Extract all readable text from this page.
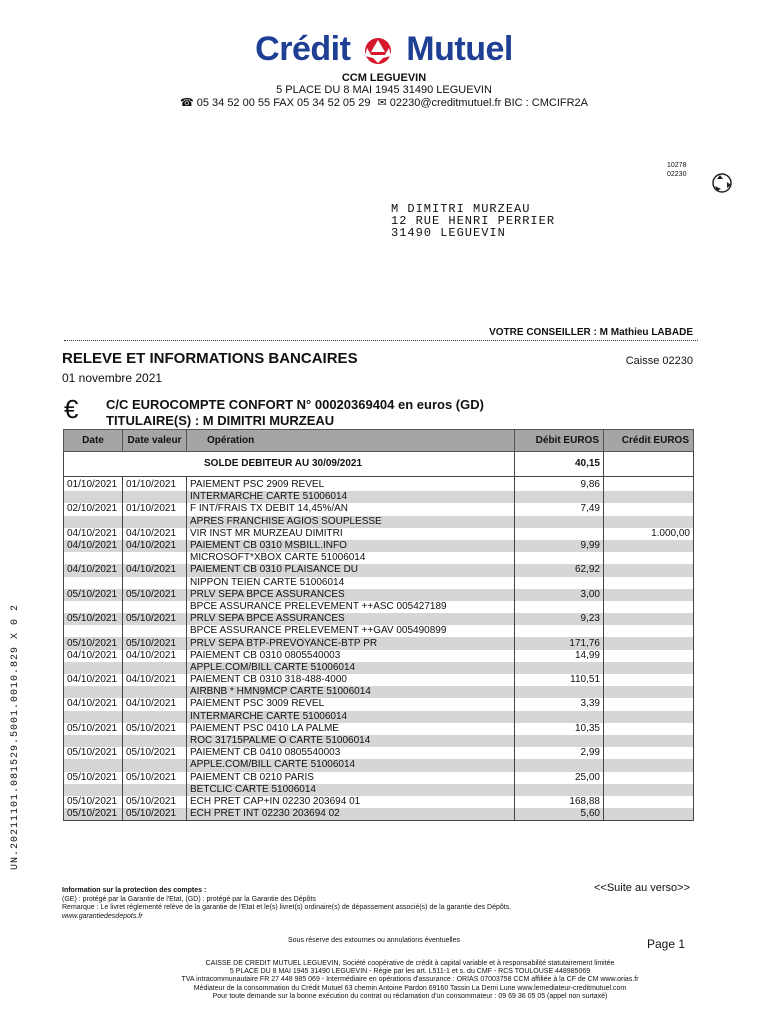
Crédit Mutuel
CCM LEGUEVIN
5 PLACE DU 8 MAI 1945 31490 LEGUEVIN
☎ 05 34 52 00 55 FAX 05 34 52 05 29 ✉ 02230@creditmutuel.fr BIC : CMCIFR2A
10278
02230
M DIMITRI MURZEAU
12 RUE HENRI PERRIER
31490 LEGUEVIN
VOTRE CONSEILLER : M Mathieu LABADE
RELEVE ET INFORMATIONS BANCAIRES	Caisse 02230
01 novembre 2021
€ C/C EUROCOMPTE CONFORT N° 00020369404 en euros (GD)
TITULAIRE(S) : M DIMITRI MURZEAU
Date	Date valeur	Opération	Débit EUROS	Crédit EUROS
SOLDE DEBITEUR AU 30/09/2021			40,15	

01/10/2021	01/10/2021	PAIEMENT PSC 2909 REVEL	9,86	
		INTERMARCHE CARTE 51006014		
02/10/2021	01/10/2021	F INT/FRAIS TX DEBIT 14,45%/AN	7,49	
		APRES FRANCHISE AGIOS SOUPLESSE		
04/10/2021	04/10/2021	VIR INST MR MURZEAU DIMITRI		1.000,00
04/10/2021	04/10/2021	PAIEMENT CB 0310 MSBILL.INFO	9,99	
		MICROSOFT*XBOX CARTE 51006014		
04/10/2021	04/10/2021	PAIEMENT CB 0310 PLAISANCE DU	62,92	
		NIPPON TEIEN CARTE 51006014		
05/10/2021	05/10/2021	PRLV SEPA BPCE ASSURANCES	3,00	
		BPCE ASSURANCE PRELEVEMENT ++ASC 005427189		
05/10/2021	05/10/2021	PRLV SEPA BPCE ASSURANCES	9,23	
		BPCE ASSURANCE PRELEVEMENT ++GAV 005490899		
05/10/2021	05/10/2021	PRLV SEPA BTP-PREVOYANCE-BTP PR	171,76	
04/10/2021	04/10/2021	PAIEMENT CB 0310 0805540003	14,99	
		APPLE.COM/BILL CARTE 51006014		
04/10/2021	04/10/2021	PAIEMENT CB 0310 318-488-4000	110,51	
		AIRBNB * HMN9MCP CARTE 51006014		
04/10/2021	04/10/2021	PAIEMENT PSC 3009 REVEL	3,39	
		INTERMARCHE CARTE 51006014		
05/10/2021	05/10/2021	PAIEMENT PSC 0410 LA PALME	10,35	
		ROC 31715PALME O CARTE 51006014		
05/10/2021	05/10/2021	PAIEMENT CB 0410 0805540003	2,99	
		APPLE.COM/BILL CARTE 51006014		
05/10/2021	05/10/2021	PAIEMENT CB 0210 PARIS	25,00	
		BETCLIC CARTE 51006014		
05/10/2021	05/10/2021	ECH PRET CAP+IN 02230 203694 01	168,88	
05/10/2021	05/10/2021	ECH PRET INT 02230 203694 02	5,60	
Information sur la protection des comptes :
(GE) : protégé par la Garantie de l'Etat, (GD) : protégé par la Garantie des Dépôts
Remarque : Le livret réglementé relève de la garantie de l'Etat et le(s) livret(s) ordinaire(s) de dépassement associé(s) de la garantie des Dépôts.
www.garantiedesdepots.fr
<<Suite au verso>>
Sous réserve des extournes ou annulations éventuelles	Page 1
CAISSE DE CREDIT MUTUEL LEGUEVIN, Société coopérative de crédit à capital variable et à responsabilité statutairement limitée
5 PLACE DU 8 MAI 1945 31490 LEGUEVIN - Régie par les art. L511-1 et s. du CMF - RCS TOULOUSE 448985069
TVA intracommunautaire FR 27 448 985 069 - Intermédiaire en opérations d'assurance : ORIAS 07003758 CCM affiliée à la CF de CM www.orias.fr
Médiateur de la consommation du Crédit Mutuel 63 chemin Antoine Pardon 69160 Tassin La Demi Lune www.lemediateur-creditmutuel.com
Pour toute demande sur la bonne exécution du contrat ou réclamation d'un consommateur : 09 69 36 05 05 (appel non surtaxé)
UN.20211101.081529.5001.0010.829 X 0 2
